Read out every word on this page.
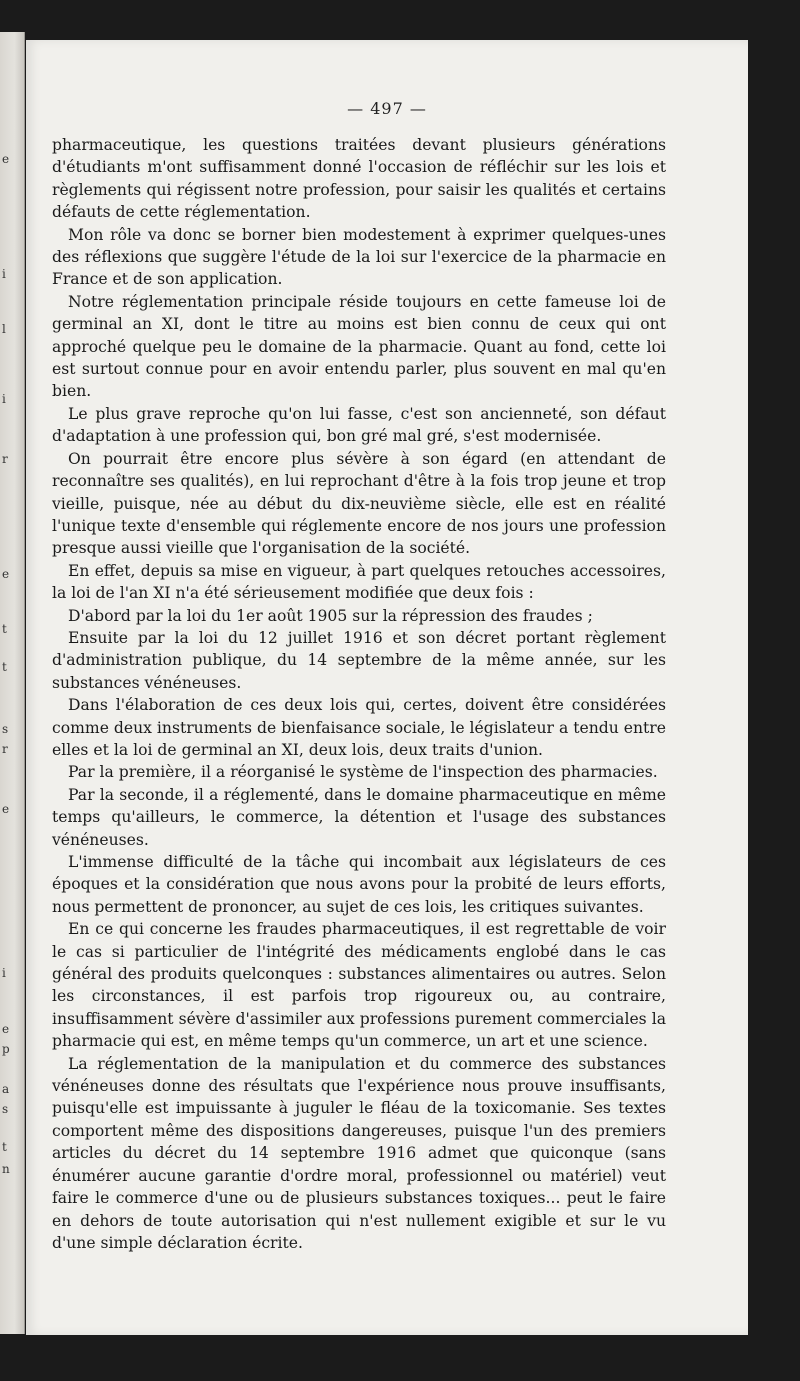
e
i
l
i
r
e
t
t
s
r
e
i
e
p
a
s
t
n
— 497 —

pharmaceutique, les questions traitées devant plusieurs générations d'étudiants m'ont suffisamment donné l'occasion de réfléchir sur les lois et règlements qui régissent notre profession, pour saisir les qualités et certains défauts de cette réglementation.

Mon rôle va donc se borner bien modestement à exprimer quelques-unes des réflexions que suggère l'étude de la loi sur l'exercice de la pharmacie en France et de son application.

Notre réglementation principale réside toujours en cette fameuse loi de germinal an XI, dont le titre au moins est bien connu de ceux qui ont approché quelque peu le domaine de la pharmacie. Quant au fond, cette loi est surtout connue pour en avoir entendu parler, plus souvent en mal qu'en bien.

Le plus grave reproche qu'on lui fasse, c'est son ancienneté, son défaut d'adaptation à une profession qui, bon gré mal gré, s'est modernisée.

On pourrait être encore plus sévère à son égard (en attendant de reconnaître ses qualités), en lui reprochant d'être à la fois trop jeune et trop vieille, puisque, née au début du dix-neuvième siècle, elle est en réalité l'unique texte d'ensemble qui réglemente encore de nos jours une profession presque aussi vieille que l'organisation de la société.

En effet, depuis sa mise en vigueur, à part quelques retouches accessoires, la loi de l'an XI n'a été sérieusement modifiée que deux fois :

D'abord par la loi du 1er août 1905 sur la répression des fraudes ;

Ensuite par la loi du 12 juillet 1916 et son décret portant règlement d'administration publique, du 14 septembre de la même année, sur les substances vénéneuses.

Dans l'élaboration de ces deux lois qui, certes, doivent être considérées comme deux instruments de bienfaisance sociale, le législateur a tendu entre elles et la loi de germinal an XI, deux lois, deux traits d'union.

Par la première, il a réorganisé le système de l'inspection des pharmacies.

Par la seconde, il a réglementé, dans le domaine pharmaceutique en même temps qu'ailleurs, le commerce, la détention et l'usage des substances vénéneuses.

L'immense difficulté de la tâche qui incombait aux législateurs de ces époques et la considération que nous avons pour la probité de leurs efforts, nous permettent de prononcer, au sujet de ces lois, les critiques suivantes.

En ce qui concerne les fraudes pharmaceutiques, il est regrettable de voir le cas si particulier de l'intégrité des médicaments englobé dans le cas général des produits quelconques : substances alimentaires ou autres. Selon les circonstances, il est parfois trop rigoureux ou, au contraire, insuffisamment sévère d'assimiler aux professions purement commerciales la pharmacie qui est, en même temps qu'un commerce, un art et une science.

La réglementation de la manipulation et du commerce des substances vénéneuses donne des résultats que l'expérience nous prouve insuffisants, puisqu'elle est impuissante à juguler le fléau de la toxicomanie. Ses textes comportent même des dispositions dangereuses, puisque l'un des premiers articles du décret du 14 septembre 1916 admet que quiconque (sans énumérer aucune garantie d'ordre moral, professionnel ou matériel) veut faire le commerce d'une ou de plusieurs substances toxiques... peut le faire en dehors de toute autorisation qui n'est nullement exigible et sur le vu d'une simple déclaration écrite.
